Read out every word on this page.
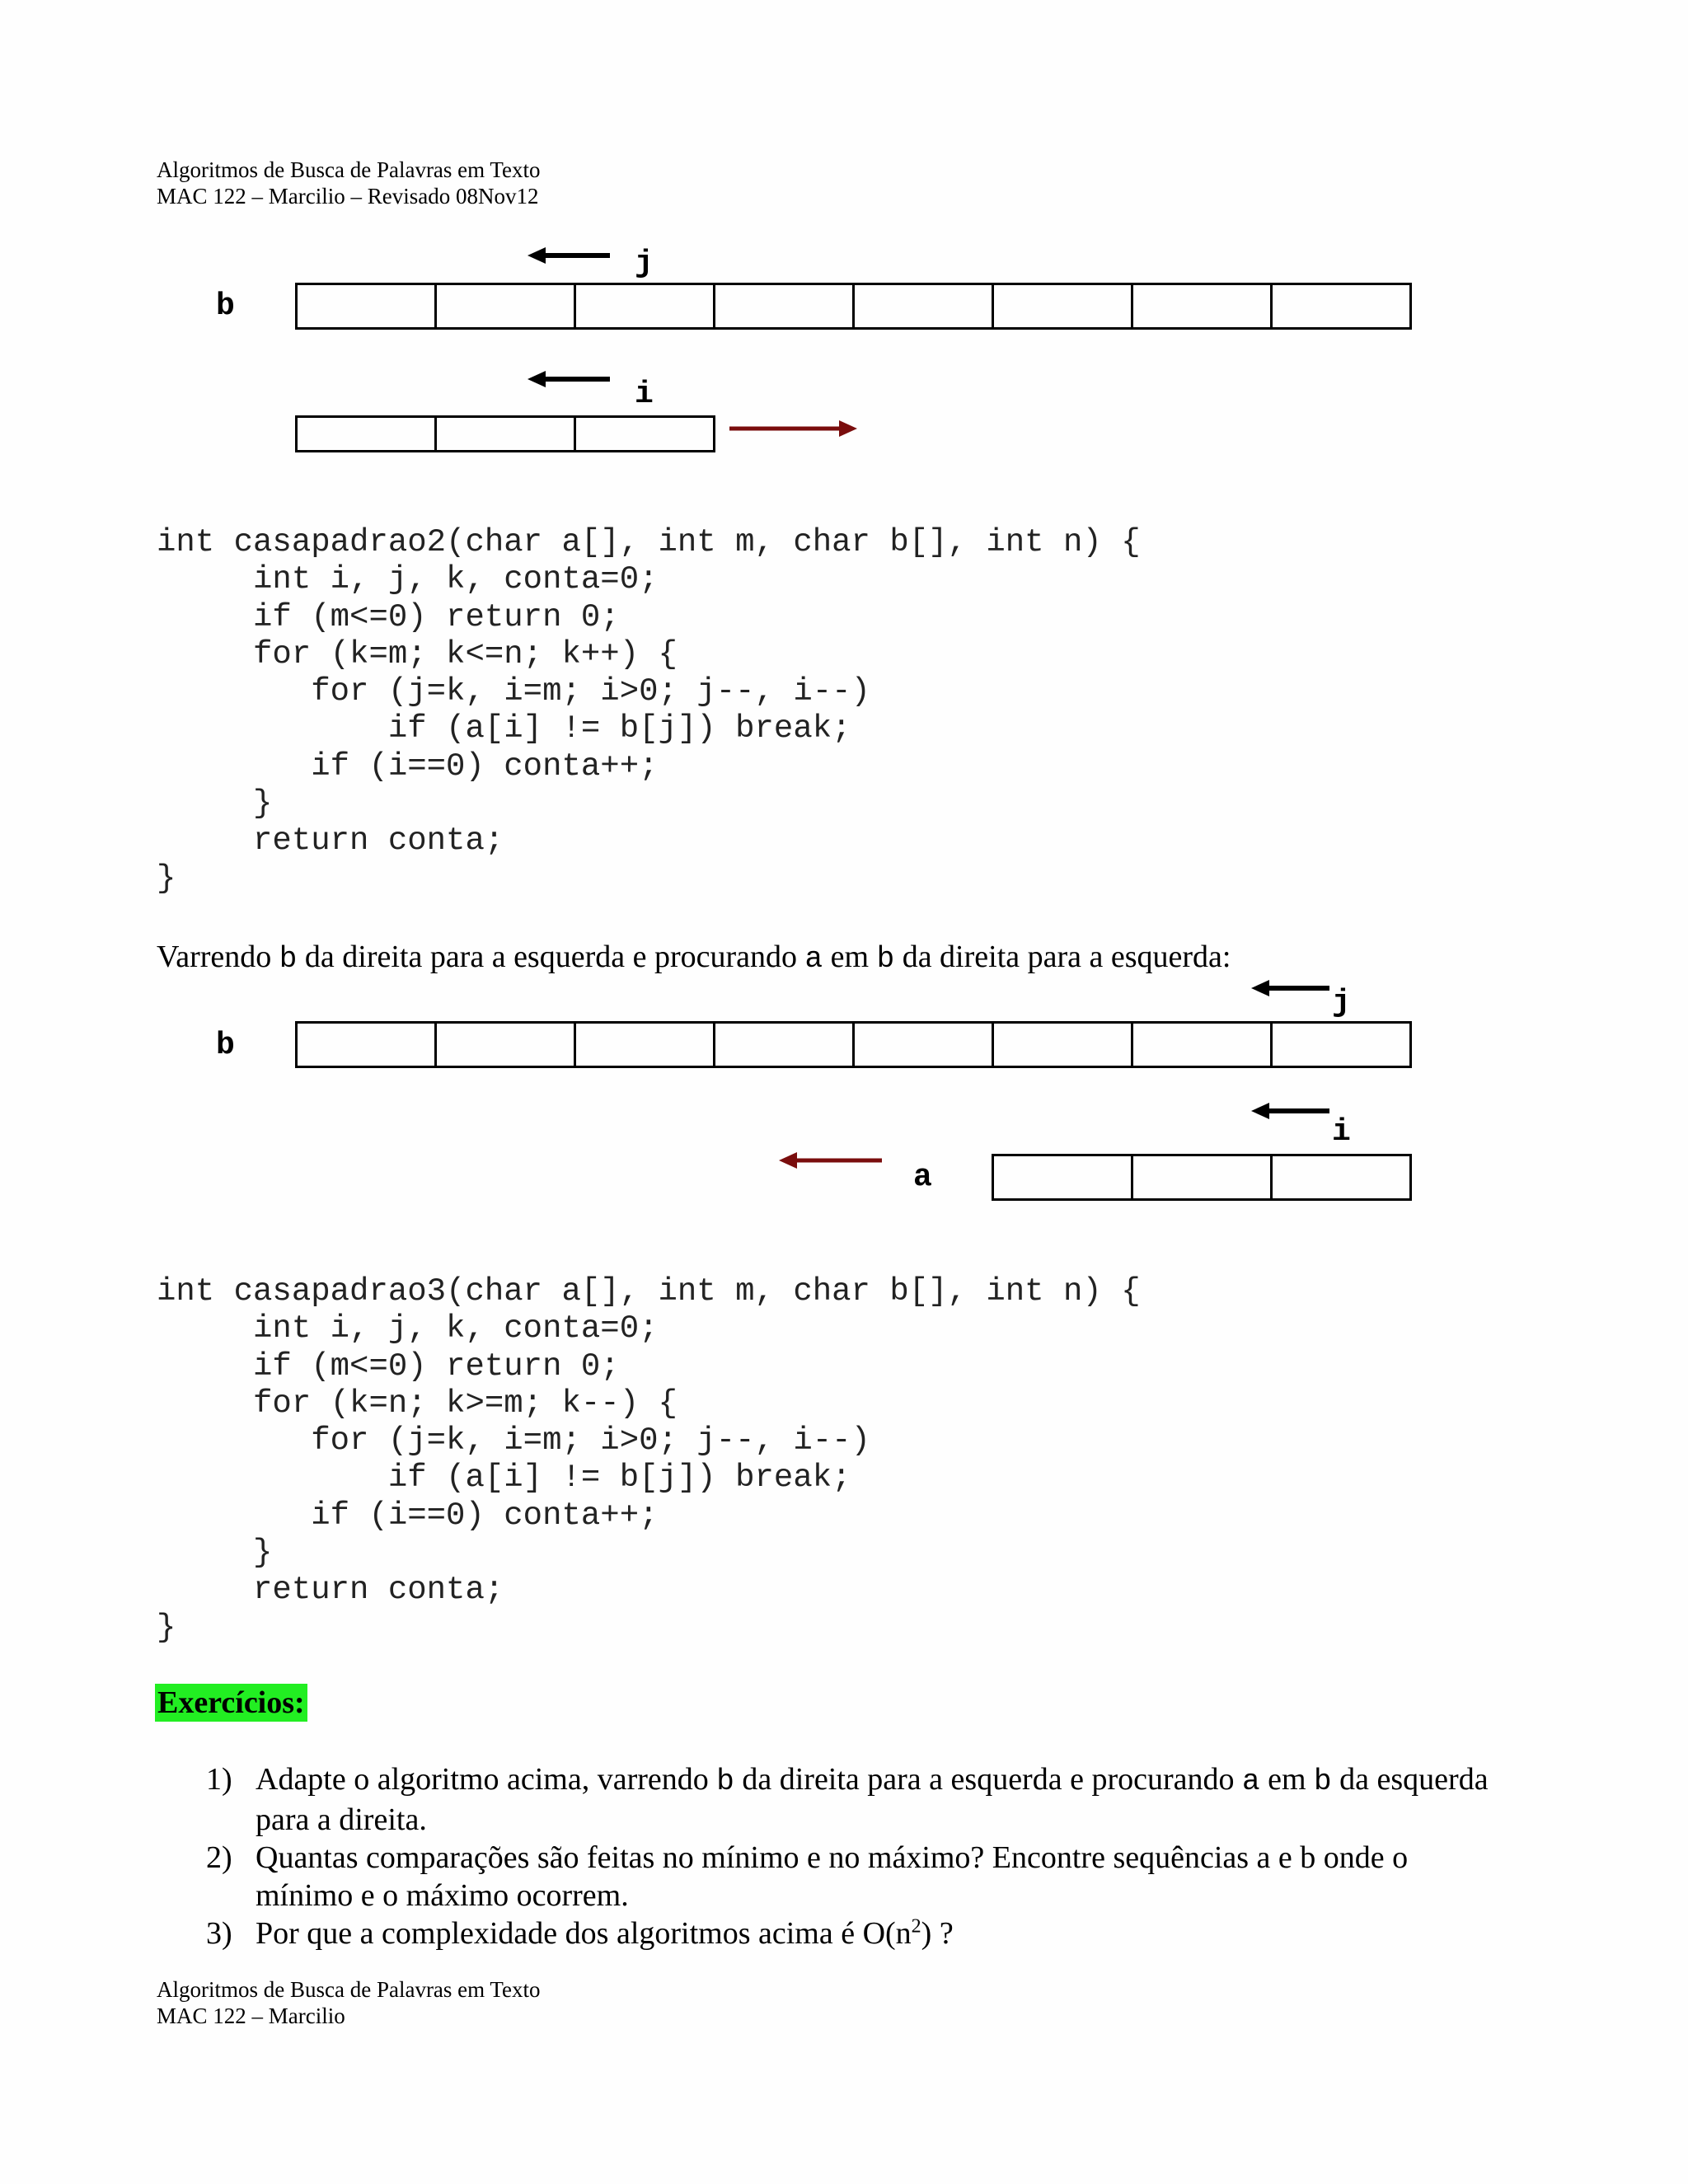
Algoritmos de Busca de Palavras em Texto
MAC 122 – Marcilio – Revisado 08Nov12
b
j
i
int casapadrao2(char a[], int m, char b[], int n) {
int i, j, k, conta=0;
if (m<=0) return 0;
for (k=m; k<=n; k++) {
for (j=k, i=m; i>0; j--, i--)
if (a[i] != b[j]) break;
if (i==0) conta++;
}
return conta;
}
Varrendo b da direita para a esquerda e procurando a em b da direita para a esquerda:
j
b
i
a
int casapadrao3(char a[], int m, char b[], int n) {
int i, j, k, conta=0;
if (m<=0) return 0;
for (k=n; k>=m; k--) {
for (j=k, i=m; i>0; j--, i--)
if (a[i] != b[j]) break;
if (i==0) conta++;
}
return conta;
}
Exercícios:
1) Adapte o algoritmo acima, varrendo b da direita para a esquerda e procurando a em b da esquerda para a direita.
2) Quantas comparações são feitas no mínimo e no máximo? Encontre sequências a e b onde o mínimo e o máximo ocorrem.
3) Por que a complexidade dos algoritmos acima é $O(n^2)$ ?
Algoritmos de Busca de Palavras em Texto
MAC 122 – Marcilio
